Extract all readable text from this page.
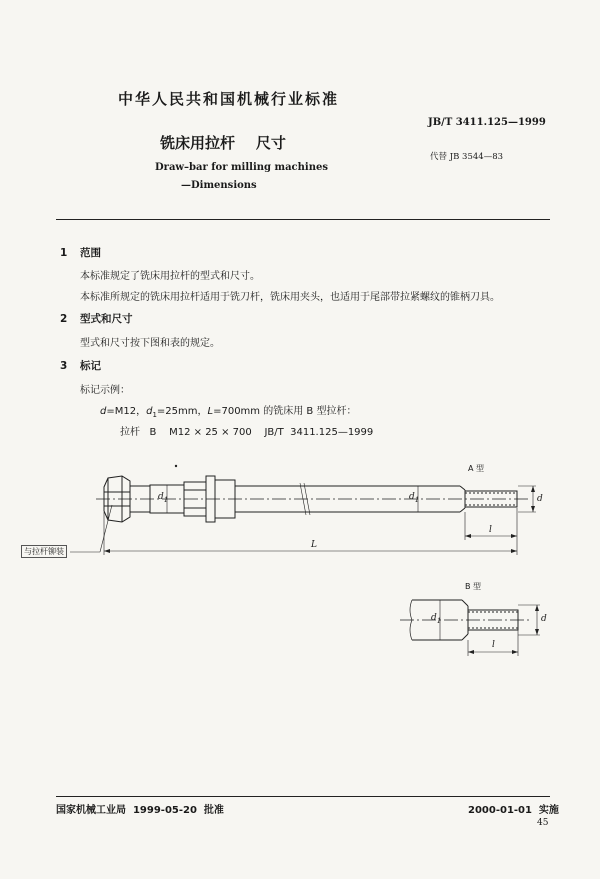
中华人民共和国机械行业标准
JB/T 3411.125—1999
铣床用拉杆    尺寸
代替 JB 3544—83
Draw–bar for milling machines
—Dimensions
1 范围
本标准规定了铣床用拉杆的型式和尺寸。
本标准所规定的铣床用拉杆适用于铣刀杆，铣床用夹头，也适用于尾部带拉紧螺纹的锥柄刀具。
2 型式和尺寸
型式和尺寸按下图和表的规定。
3 标记
标记示例：
d=M12，$d_1=25mm$，L=700mm 的铣床用 B 型拉杆：
拉杆   B    M12 × 25 × 700    JB/T  3411.125—1999
A 型
B 型
与拉杆铆装
d
$d_1$	$d_1$
l
L
d
$d_1$
l
国家机械工业局  1999-05-20  批准	2000-01-01  实施
45
